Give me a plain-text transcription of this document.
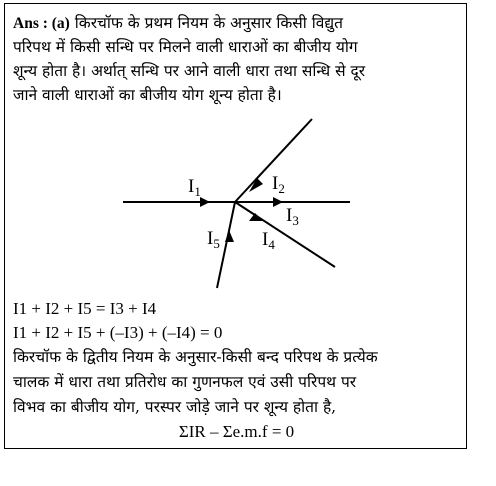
Ans : (a) किरचॉफ के प्रथम नियम के अनुसार किसी विद्युत
परिपथ में किसी सन्धि पर मिलने वाली धाराओं का बीजीय योग
शून्य होता है। अर्थात् सन्धि पर आने वाली धारा तथा सन्धि से दूर
जाने वाली धाराओं का बीजीय योग शून्य होता है।
$I_1$	$I_2$
$I_3$
$I_4$
$I_5$
I1 + I2 + I5 = I3 + I4
I1 + I2 + I5 + (–I3) + (–I4) = 0
किरचॉफ के द्वितीय नियम के अनुसार-किसी बन्द परिपथ के प्रत्येक
चालक में धारा तथा प्रतिरोध का गुणनफल एवं उसी परिपथ पर
विभव का बीजीय योग, परस्पर जोड़े जाने पर शून्य होता है,
ΣIR – Σe.m.f = 0
